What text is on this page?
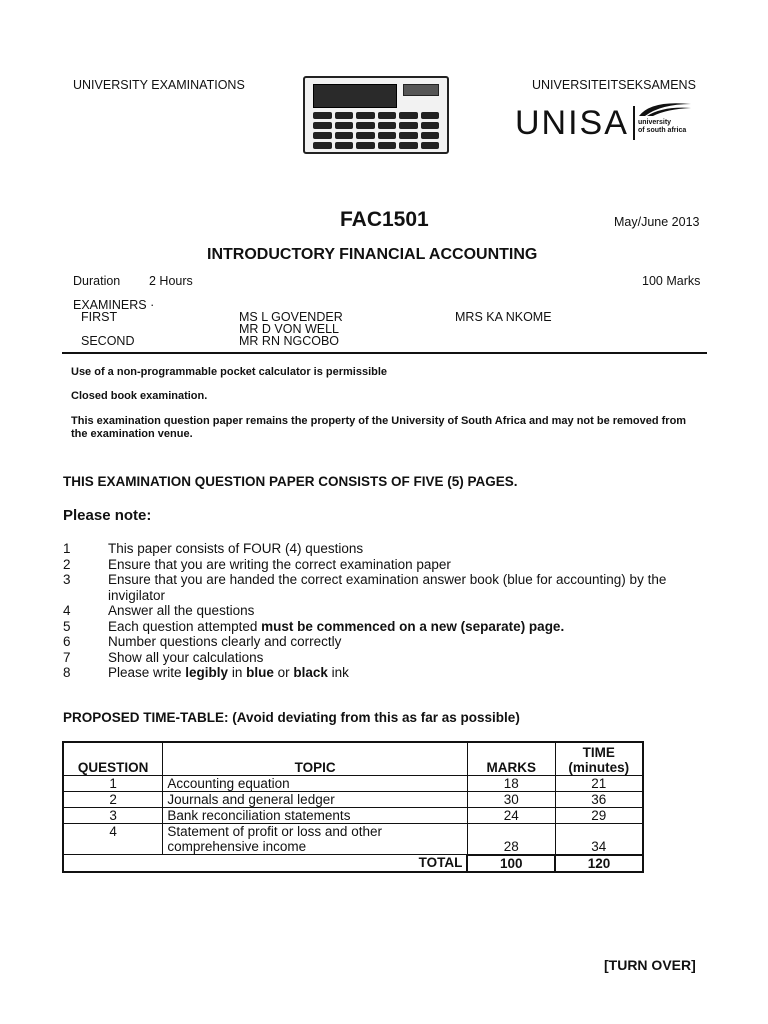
UNIVERSITY EXAMINATIONS	UNIVERSITEITSEKSAMENS
UNISA university
of south africa
FAC1501	May/June 2013
INTRODUCTORY FINANCIAL ACCOUNTING
Duration 2 Hours	100 Marks
EXAMINERS ·
FIRST	MS L GOVENDER
MR D VON WELL
MRS KA NKOME
SECOND	MR RN NGCOBO
Use of a non-programmable pocket calculator is permissible
Closed book examination.
This examination question paper remains the property of the University of South Africa and may not be removed from the examination venue.
THIS EXAMINATION QUESTION PAPER CONSISTS OF FIVE (5) PAGES.
Please note:
1	This paper consists of FOUR (4) questions
2	Ensure that you are writing the correct examination paper
3	Ensure that you are handed the correct examination answer book (blue for accounting) by the invigilator
4	Answer all the questions
5	Each question attempted must be commenced on a new (separate) page.
6	Number questions clearly and correctly
7	Show all your calculations
8	Please write legibly in blue or black ink
PROPOSED TIME-TABLE: (Avoid deviating from this as far as possible)
QUESTION	TOPIC	MARKS	TIME
(minutes)

1	Accounting equation	18	21
2	Journals and general ledger	30	36
3	Bank reconciliation statements	24	29
4	Statement of profit or loss and other
comprehensive income	28	34
	TOTAL	100	120
[TURN OVER]
